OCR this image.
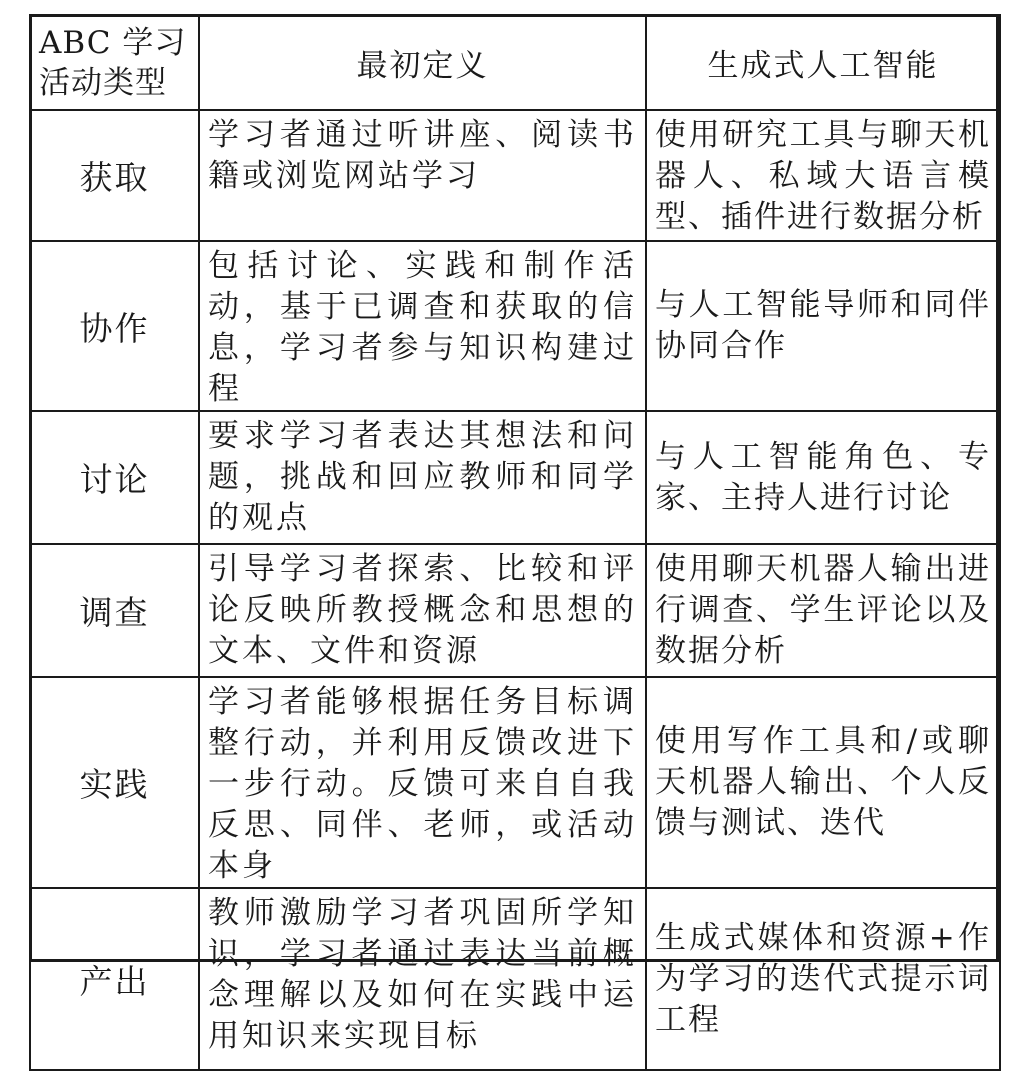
ABC 学习
活动类型	最初定义	生成式人工智能
获取	学习者通过听讲座、阅读书籍或浏览网站学习	使用研究工具与聊天机器人、私域大语言模型、插件进行数据分析
协作	包括讨论、实践和制作活动，基于已调查和获取的信息，学习者参与知识构建过程	与人工智能导师和同伴协同合作
讨论	要求学习者表达其想法和问题，挑战和回应教师和同学的观点	与人工智能角色、专家、主持人进行讨论
调查	引导学习者探索、比较和评论反映所教授概念和思想的文本、文件和资源	使用聊天机器人输出进行调查、学生评论以及数据分析
实践	学习者能够根据任务目标调整行动，并利用反馈改进下一步行动。反馈可来自自我反思、同伴、老师，或活动本身	使用写作工具和/或聊天机器人输出、个人反馈与测试、迭代
产出	教师激励学习者巩固所学知识，学习者通过表达当前概念理解以及如何在实践中运用知识来实现目标	生成式媒体和资源+作为学习的迭代式提示词工程
